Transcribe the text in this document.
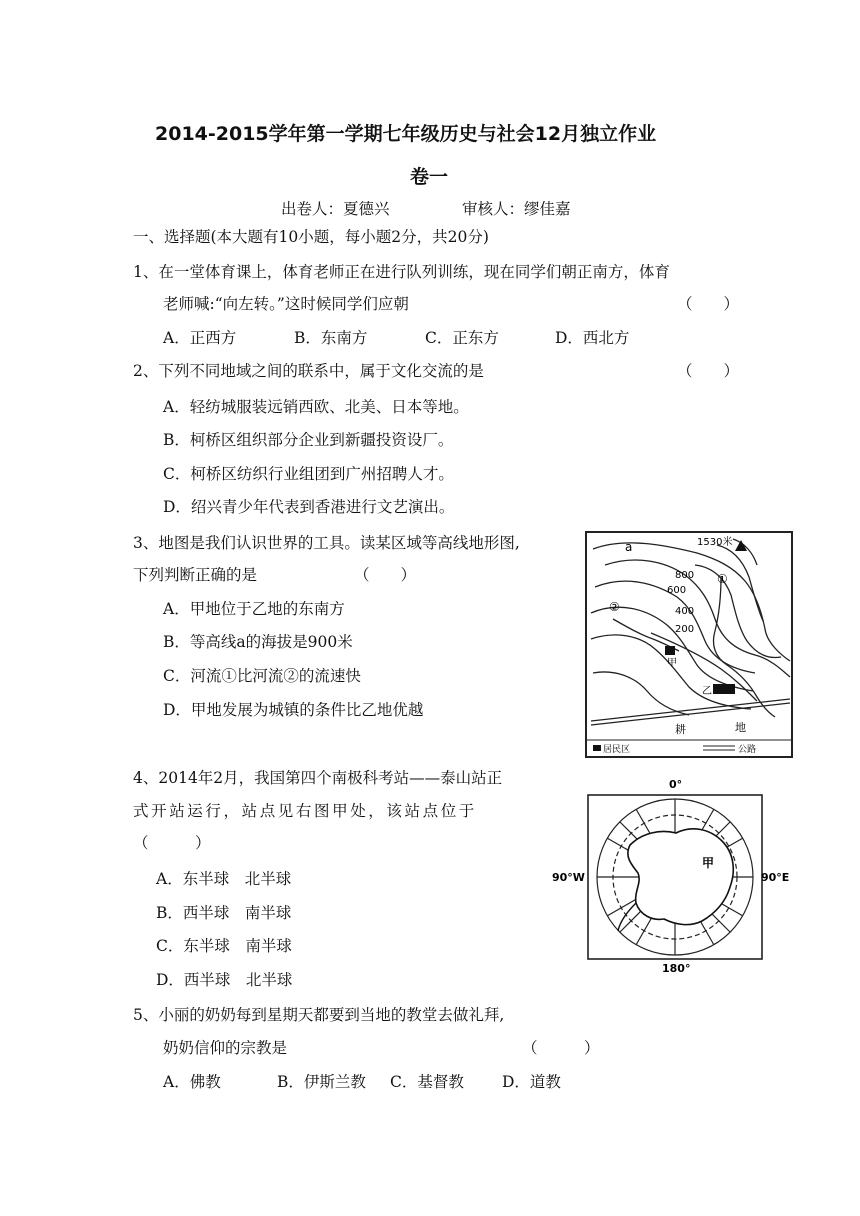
2014-2015学年第一学期七年级历史与社会12月独立作业
卷一
出卷人：夏德兴	审核人：缪佳嘉
一、选择题(本大题有10小题，每小题2分，共20分)
1、在一堂体育课上，体育老师正在进行队列训练，现在同学们朝正南方，体育
老师喊:“向左转。”这时候同学们应朝	（　　）
A．正西方	B．东南方	C．正东方	D．西北方
2、下列不同地域之间的联系中，属于文化交流的是	（　　）
A．轻纺城服装远销西欧、北美、日本等地。
B．柯桥区组织部分企业到新疆投资设厂。
C．柯桥区纺织行业组团到广州招聘人才。
D．绍兴青少年代表到香港进行文艺演出。
3、地图是我们认识世界的工具。读某区域等高线地形图,
下列判断正确的是	（　　）
A．甲地位于乙地的东南方
B．等高线a的海拔是900米
C．河流①比河流②的流速快
D．甲地发展为城镇的条件比乙地优越
1530米
a
800
600
400
200
①
②
甲
乙
耕	地
居民区	公路
4、2014年2月，我国第四个南极科考站——泰山站正
式开站运行，站点见右图甲处，该站点位于
（　　　）
A．东半球　北半球
B．西半球　南半球
C．东半球　南半球
D．西半球　北半球
0°
180°
90°W	90°E
甲
5、小丽的奶奶每到星期天都要到当地的教堂去做礼拜,
奶奶信仰的宗教是	（　　　）
A．佛教	B．伊斯兰教 C．基督教 D．道教
